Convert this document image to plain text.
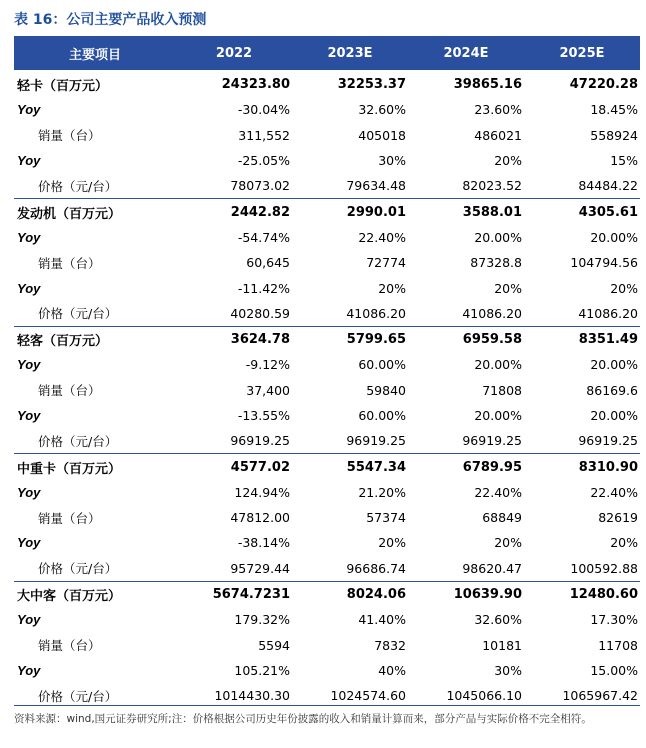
表 16：公司主要产品收入预测
主要项目	2022	2023E	2024E	2025E
轻卡（百万元）	24323.80	32253.37	39865.16	47220.28
Yoy	-30.04%	32.60%	23.60%	18.45%
销量（台）	311,552	405018	486021	558924
Yoy	-25.05%	30%	20%	15%
价格（元/台）	78073.02	79634.48	82023.52	84484.22
发动机（百万元）	2442.82	2990.01	3588.01	4305.61
Yoy	-54.74%	22.40%	20.00%	20.00%
销量（台）	60,645	72774	87328.8	104794.56
Yoy	-11.42%	20%	20%	20%
价格（元/台）	40280.59	41086.20	41086.20	41086.20
轻客（百万元）	3624.78	5799.65	6959.58	8351.49
Yoy	-9.12%	60.00%	20.00%	20.00%
销量（台）	37,400	59840	71808	86169.6
Yoy	-13.55%	60.00%	20.00%	20.00%
价格（元/台）	96919.25	96919.25	96919.25	96919.25
中重卡（百万元）	4577.02	5547.34	6789.95	8310.90
Yoy	124.94%	21.20%	22.40%	22.40%
销量（台）	47812.00	57374	68849	82619
Yoy	-38.14%	20%	20%	20%
价格（元/台）	95729.44	96686.74	98620.47	100592.88
大中客（百万元）	5674.7231	8024.06	10639.90	12480.60
Yoy	179.32%	41.40%	32.60%	17.30%
销量（台）	5594	7832	10181	11708
Yoy	105.21%	40%	30%	15.00%
价格（元/台）	1014430.30	1024574.60	1045066.10	1065967.42
资料来源：wind,国元证券研究所;注：价格根据公司历史年份披露的收入和销量计算而来，部分产品与实际价格不完全相符。
